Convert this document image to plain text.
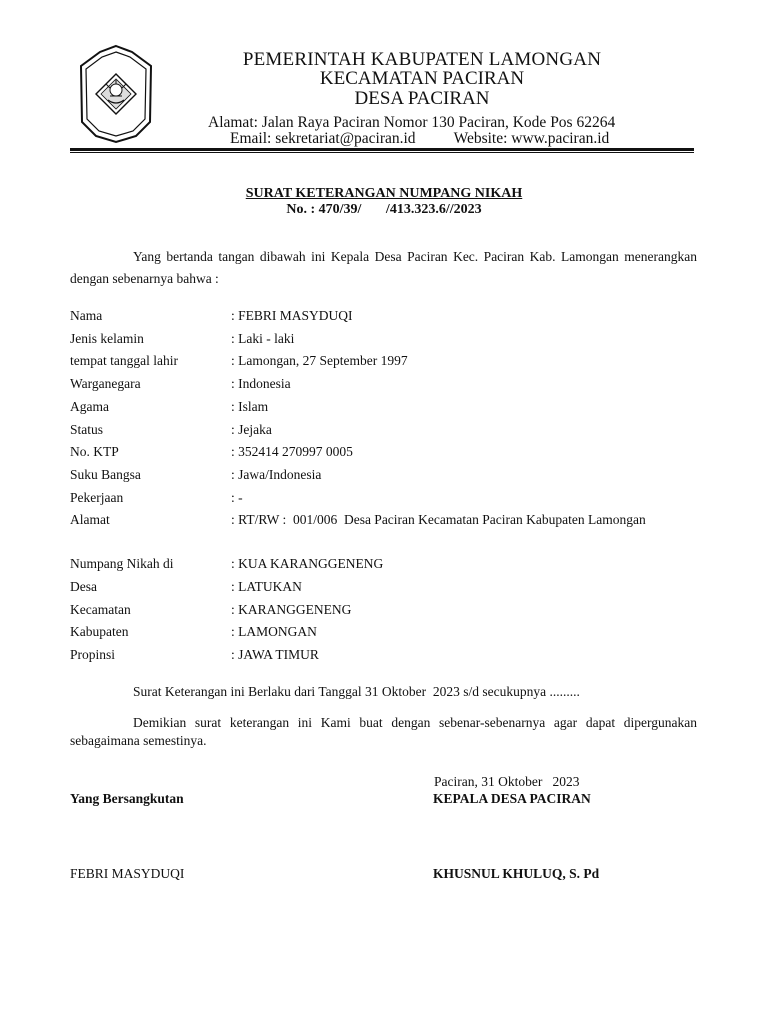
PEMERINTAH KABUPATEN LAMONGAN
KECAMATAN PACIRAN
DESA PACIRAN
Alamat: Jalan Raya Paciran Nomor 130 Paciran, Kode Pos 62264
Email: sekretariat@paciran.id Website: www.paciran.id
SURAT KETERANGAN NUMPANG NIKAH
No. : 470/39/       /413.323.6//2023
Yang bertanda tangan dibawah ini Kepala Desa Paciran Kec. Paciran Kab. Lamongan menerangkan dengan sebenarnya bahwa :
Nama	: FEBRI MASYDUQI
Jenis kelamin	: Laki - laki
tempat tanggal lahir	: Lamongan, 27 September 1997
Warganegara	: Indonesia
Agama	: Islam
Status	: Jejaka
No. KTP	: 352414 270997 0005
Suku Bangsa	: Jawa/Indonesia
Pekerjaan	: -
Alamat	: RT/RW :  001/006  Desa Paciran Kecamatan Paciran Kabupaten Lamongan
Numpang Nikah di	: KUA KARANGGENENG
Desa	: LATUKAN
Kecamatan	: KARANGGENENG
Kabupaten	: LAMONGAN
Propinsi	: JAWA TIMUR
Surat Keterangan ini Berlaku dari Tanggal 31 Oktober  2023 s/d secukupnya .........
Demikian surat keterangan ini Kami buat dengan sebenar-sebenarnya agar dapat dipergunakan sebagaimana semestinya.
Paciran, 31 Oktober   2023
Yang Bersangkutan	KEPALA DESA PACIRAN
FEBRI MASYDUQI	KHUSNUL KHULUQ, S. Pd
